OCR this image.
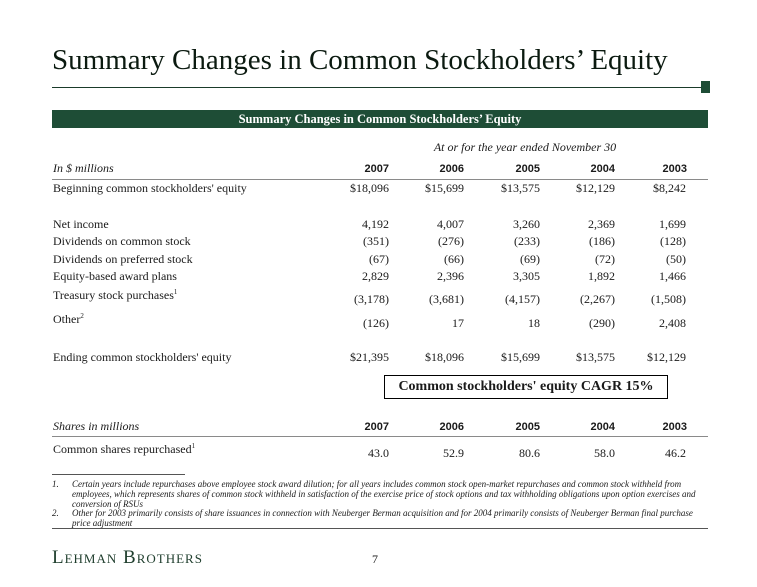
Summary Changes in Common Stockholders’ Equity
Summary Changes in Common Stockholders’ Equity
At or for the year ended November 30
In $ millions	2007	2006	2005	2004	2003
Beginning common stockholders' equity	$18,096	$15,699	$13,575	$12,129	$8,242
Net income	4,192	4,007	3,260	2,369	1,699
Dividends on common stock	(351)	(276)	(233)	(186)	(128)
Dividends on preferred stock	(67)	(66)	(69)	(72)	(50)
Equity-based award plans	2,829	2,396	3,305	1,892	1,466
Treasury stock purchases$^1$	(3,178)	(3,681)	(4,157)	(2,267)	(1,508)
Other$^2$	(126)	17	18	(290)	2,408
Ending common stockholders' equity	$21,395	$18,096	$15,699	$13,575	$12,129
Common stockholders' equity CAGR 15%
Shares in millions	2007	2006	2005	2004	2003
Common shares repurchased$^1$	43.0	52.9	80.6	58.0	46.2
1. Certain years include repurchases above employee stock award dilution; for all years includes common stock open-market repurchases and common stock withheld from employees, which represents shares of common stock withheld in satisfaction of the exercise price of stock options and tax withholding obligations upon option exercises and conversion of RSUs
2. Other for 2003 primarily consists of share issuances in connection with Neuberger Berman acquisition and for 2004 primarily consists of Neuberger Berman final purchase price adjustment
Lehman Brothers	7
